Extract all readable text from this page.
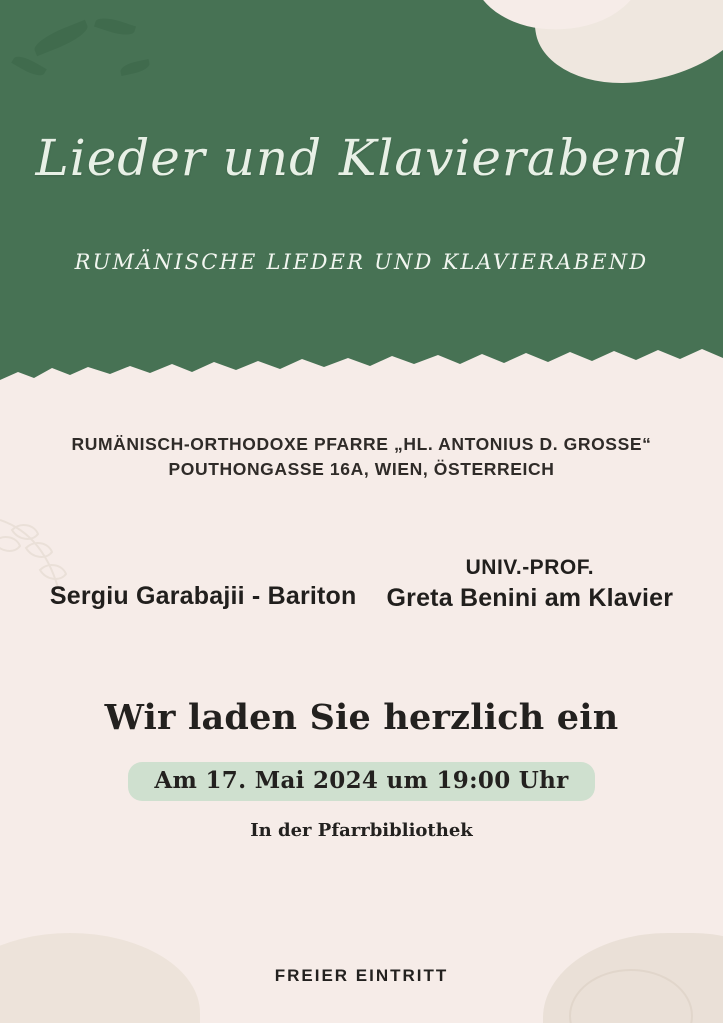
Lieder und Klavierabend
RUMÄNISCHE LIEDER UND KLAVIERABEND
RUMÄNISCH-ORTHODOXE PFARRE „HL. ANTONIUS D. GROSSE“
POUTHONGASSE 16A, WIEN, ÖSTERREICH
Sergiu Garabajii - Bariton
UNIV.-PROF.
Greta Benini am Klavier
Wir laden Sie herzlich ein
Am 17. Mai 2024 um 19:00 Uhr
In der Pfarrbibliothek
FREIER EINTRITT
